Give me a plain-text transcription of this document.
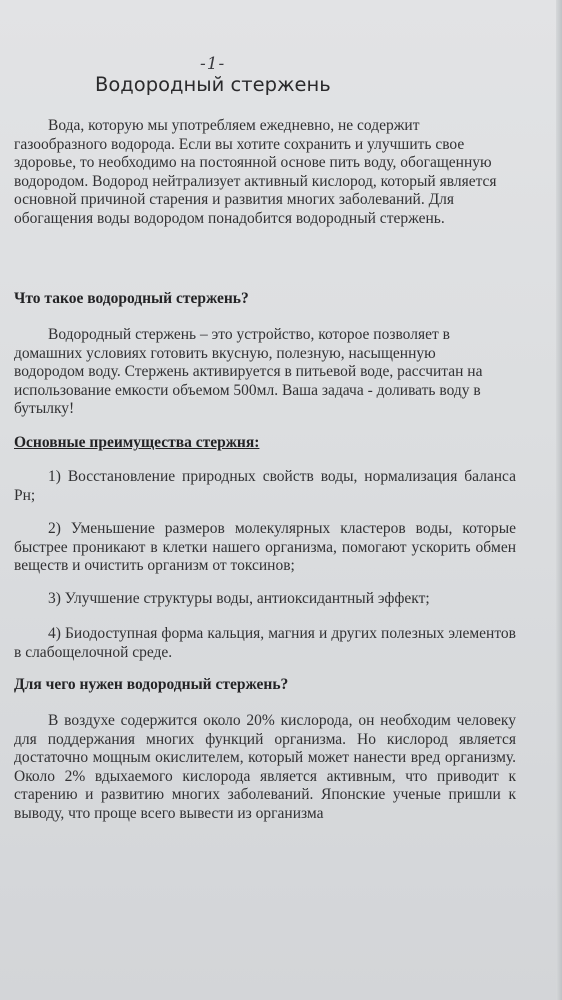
-1-
Водородный стержень
Вода, которую мы употребляем ежедневно, не содержит газообразного водорода. Если вы хотите сохранить и улучшить свое здоровье, то необходимо на постоянной основе пить воду, обогащенную водородом. Водород нейтрализует активный кислород, который является основной причиной старения и развития многих заболеваний. Для обогащения воды водородом понадобится водородный стержень.
Что такое водородный стержень?
Водородный стержень – это устройство, которое позволяет в домашних условиях готовить вкусную, полезную, насыщенную водородом воду. Стержень активируется в питьевой воде, рассчитан на использование емкости объемом 500мл. Ваша задача - доливать воду в бутылку!
Основные преимущества стержня:
1) Восстановление природных свойств воды, нормализация баланса Рн;
2) Уменьшение размеров молекулярных кластеров воды, которые быстрее проникают в клетки нашего организма, помогают ускорить обмен веществ и очистить организм от токсинов;
3) Улучшение структуры воды, антиоксидантный эффект;
4) Биодоступная форма кальция, магния и других полезных элементов в слабощелочной среде.
Для чего нужен водородный стержень?
В воздухе содержится около 20% кислорода, он необходим человеку для поддержания многих функций организма. Но кислород является достаточно мощным окислителем, который может нанести вред организму. Около 2% вдыхаемого кислорода является активным, что приводит к старению и развитию многих заболеваний. Японские ученые пришли к выводу, что проще всего вывести из организма
